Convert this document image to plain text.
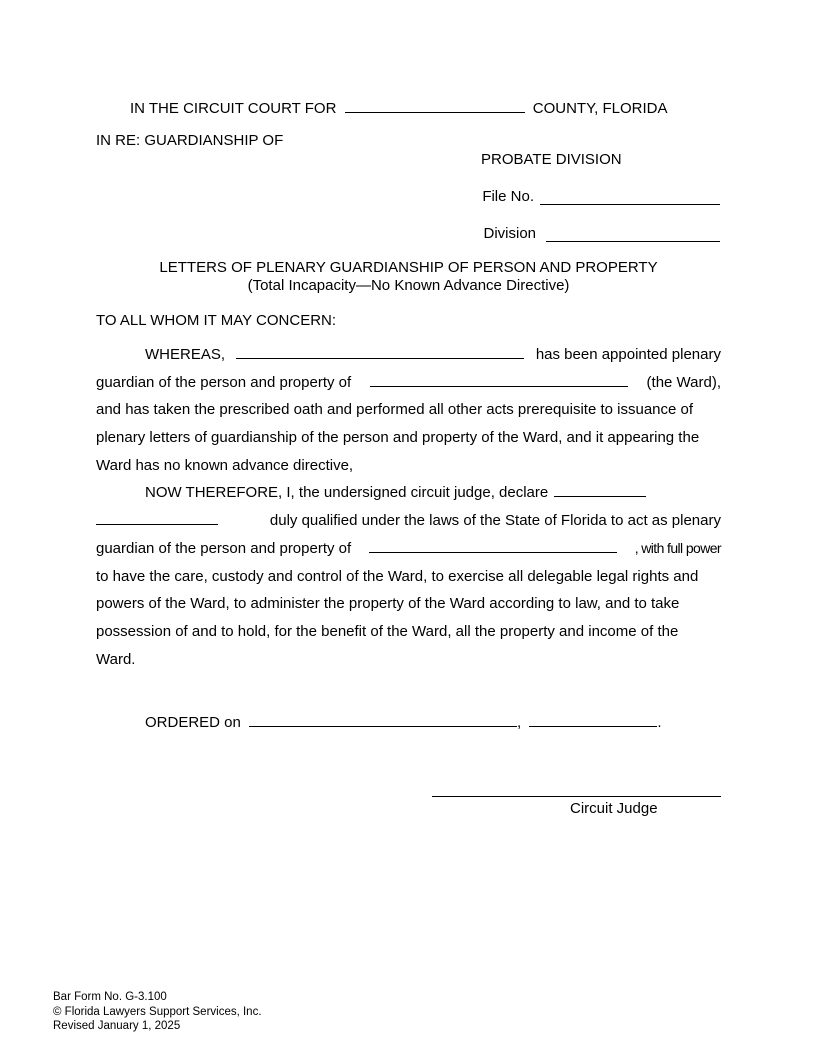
IN THE CIRCUIT COURT FOR	COUNTY, FLORIDA
IN RE: GUARDIANSHIP OF
PROBATE DIVISION
File No.
Division
LETTERS OF PLENARY GUARDIANSHIP OF PERSON AND PROPERTY
(Total Incapacity—No Known Advance Directive)
TO ALL WHOM IT MAY CONCERN:
WHEREAS,	has been appointed plenary
guardian of the person and property of	(the Ward),
and has taken the prescribed oath and performed all other acts prerequisite to issuance of
plenary letters of guardianship of the person and property of the Ward, and it appearing the
Ward has no known advance directive,
NOW THEREFORE, I, the undersigned circuit judge, declare
duly qualified under the laws of the State of Florida to act as plenary
guardian of the person and property of	, with full power
to have the care, custody and control of the Ward, to exercise all delegable legal rights and
powers of the Ward, to administer the property of the Ward according to law, and to take
possession of and to hold, for the benefit of the Ward, all the property and income of the
Ward.
ORDERED on	,	.
Circuit Judge
Bar Form No. G-3.100
© Florida Lawyers Support Services, Inc.
Revised January 1, 2025
